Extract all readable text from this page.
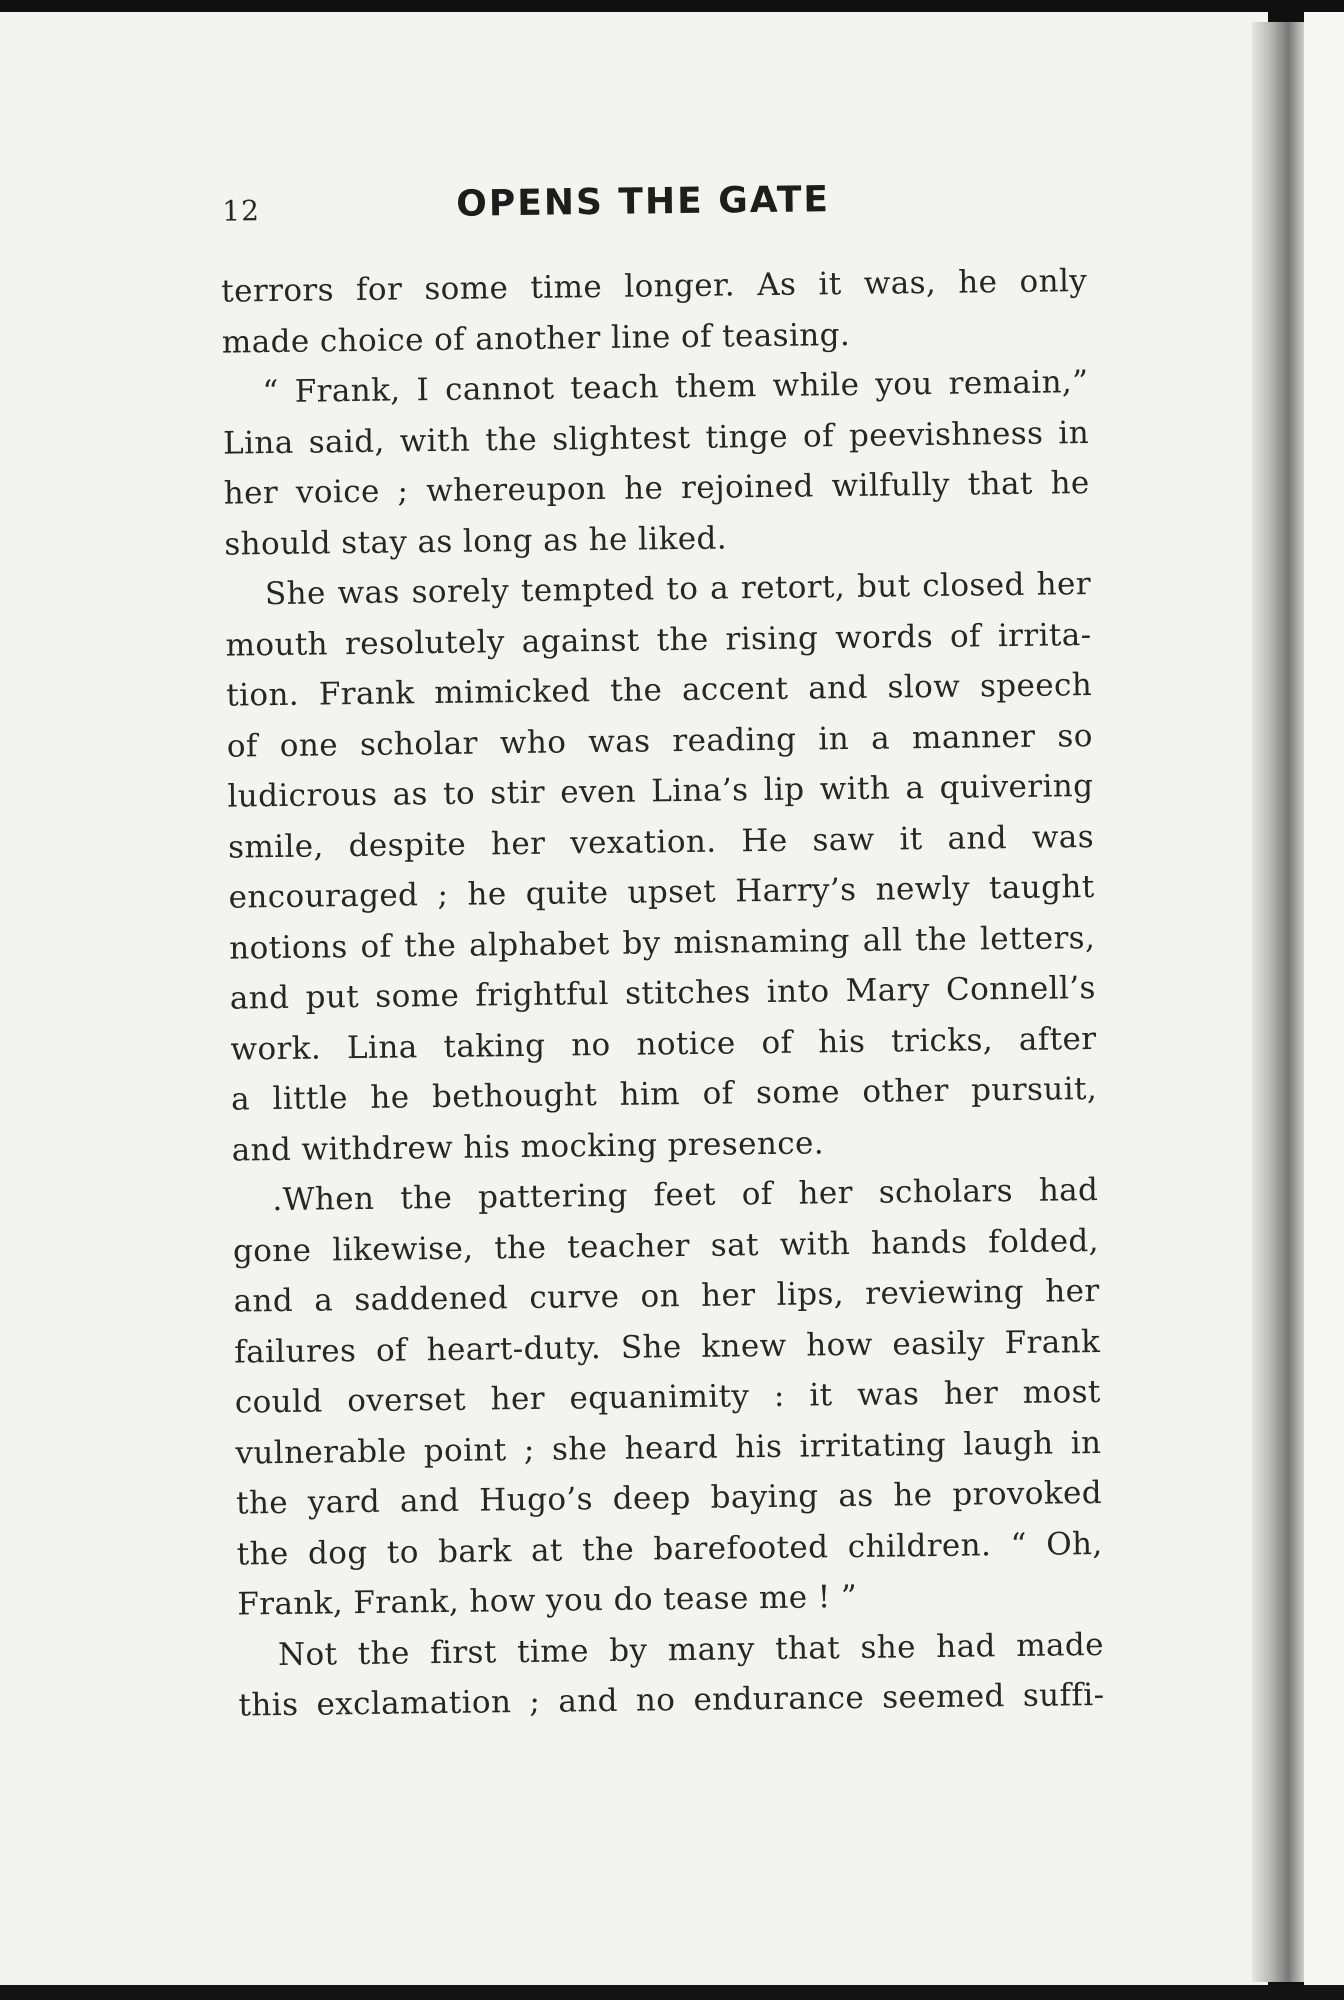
12	OPENS THE GATE
terrors for some time longer. As it was, he only
made choice of another line of teasing.
“ Frank, I cannot teach them while you remain,”
Lina said, with the slightest tinge of peevishness in
her voice ; whereupon he rejoined wilfully that he
should stay as long as he liked.
She was sorely tempted to a retort, but closed her
mouth resolutely against the rising words of irrita-
tion. Frank mimicked the accent and slow speech
of one scholar who was reading in a manner so
ludicrous as to stir even Lina’s lip with a quivering
smile, despite her vexation. He saw it and was
encouraged ; he quite upset Harry’s newly taught
notions of the alphabet by misnaming all the letters,
and put some frightful stitches into Mary Connell’s
work. Lina taking no notice of his tricks, after
a little he bethought him of some other pursuit,
and withdrew his mocking presence.
.When the pattering feet of her scholars had
gone likewise, the teacher sat with hands folded,
and a saddened curve on her lips, reviewing her
failures of heart-duty. She knew how easily Frank
could overset her equanimity : it was her most
vulnerable point ; she heard his irritating laugh in
the yard and Hugo’s deep baying as he provoked
the dog to bark at the barefooted children. “ Oh,
Frank, Frank, how you do tease me ! ”
Not the first time by many that she had made
this exclamation ; and no endurance seemed suffi-
